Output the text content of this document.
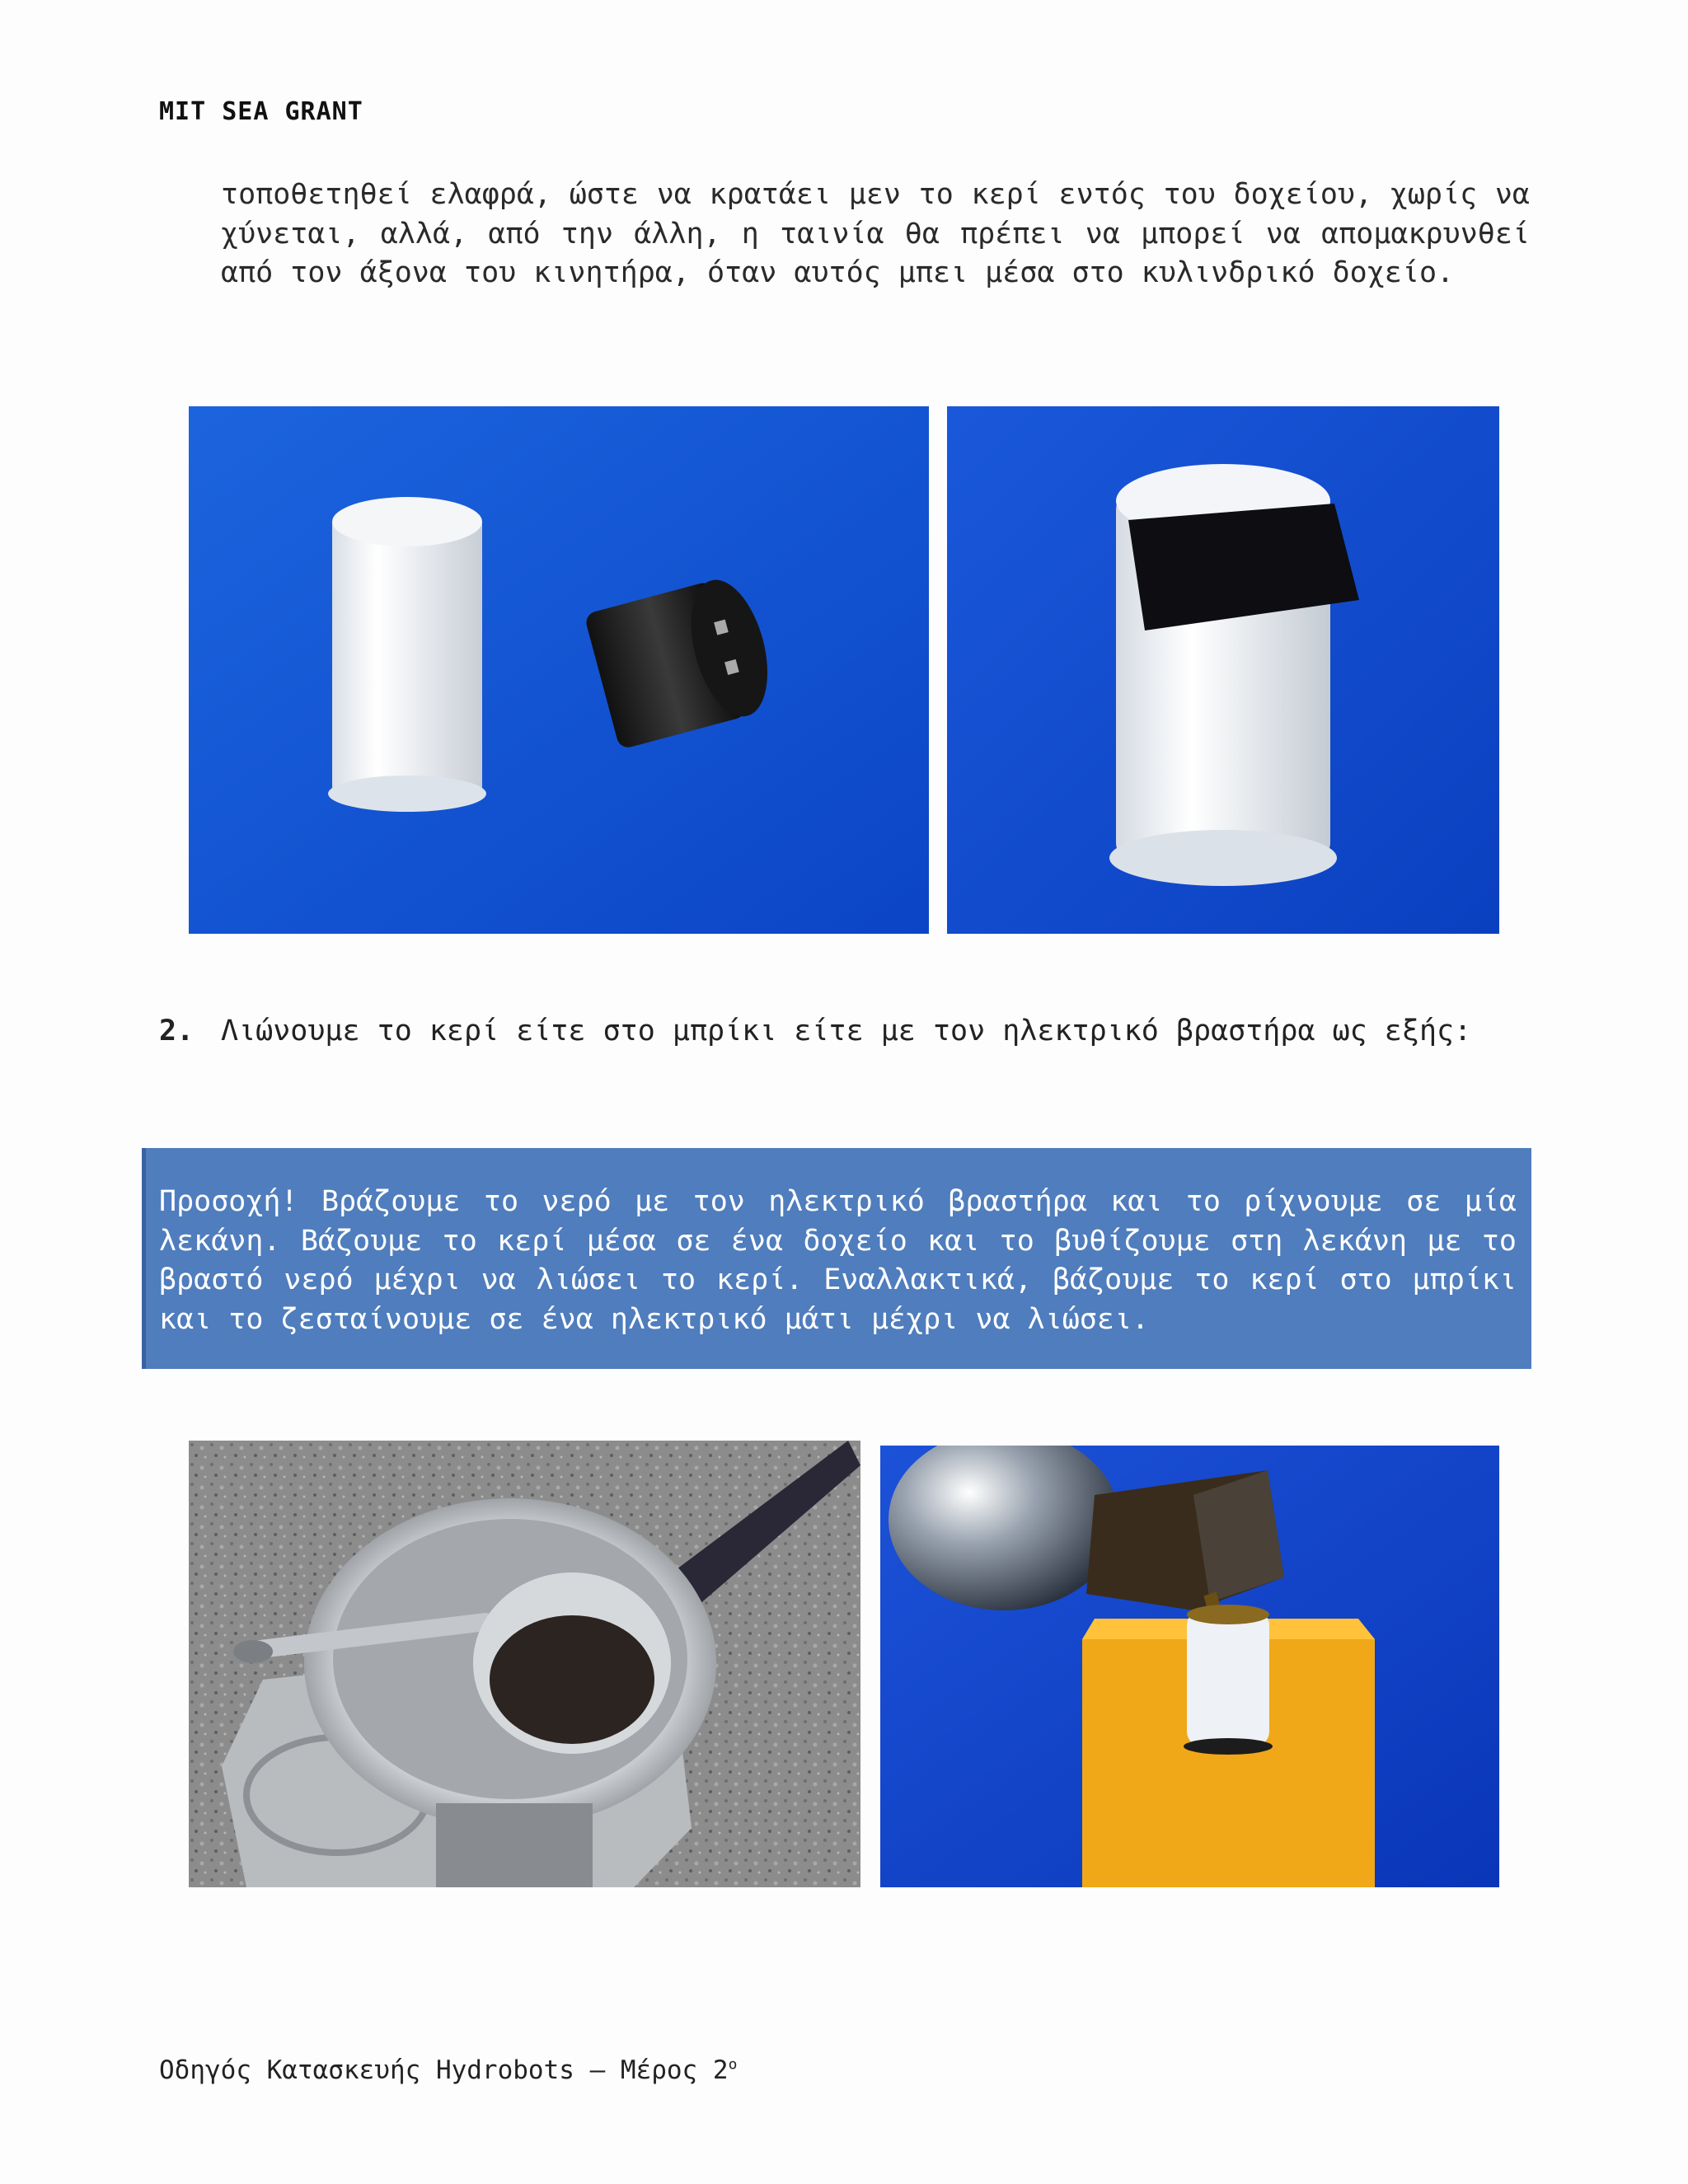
MIT SEA GRANT
τοποθετηθεί ελαφρά, ώστε να κρατάει μεν το κερί εντός του δοχείου, χωρίς να χύνεται, αλλά, από την άλλη, η ταινία θα πρέπει να μπορεί να απομακρυνθεί από τον άξονα του κινητήρα, όταν αυτός μπει μέσα στο κυλινδρικό δοχείο.
2. Λιώνουμε το κερί είτε στο μπρίκι είτε με τον ηλεκτρικό βραστήρα ως εξής:
Προσοχή! Βράζουμε το νερό με τον ηλεκτρικό βραστήρα και το ρίχνουμε σε μία λεκάνη. Βάζουμε το κερί μέσα σε ένα δοχείο και το βυθίζουμε στη λεκάνη με το βραστό νερό μέχρι να λιώσει το κερί. Εναλλακτικά, βάζουμε το κερί στο μπρίκι και το ζεσταίνουμε σε ένα ηλεκτρικό μάτι μέχρι να λιώσει.
Οδηγός Κατασκευής Hydrobots – Μέρος $2^o$
